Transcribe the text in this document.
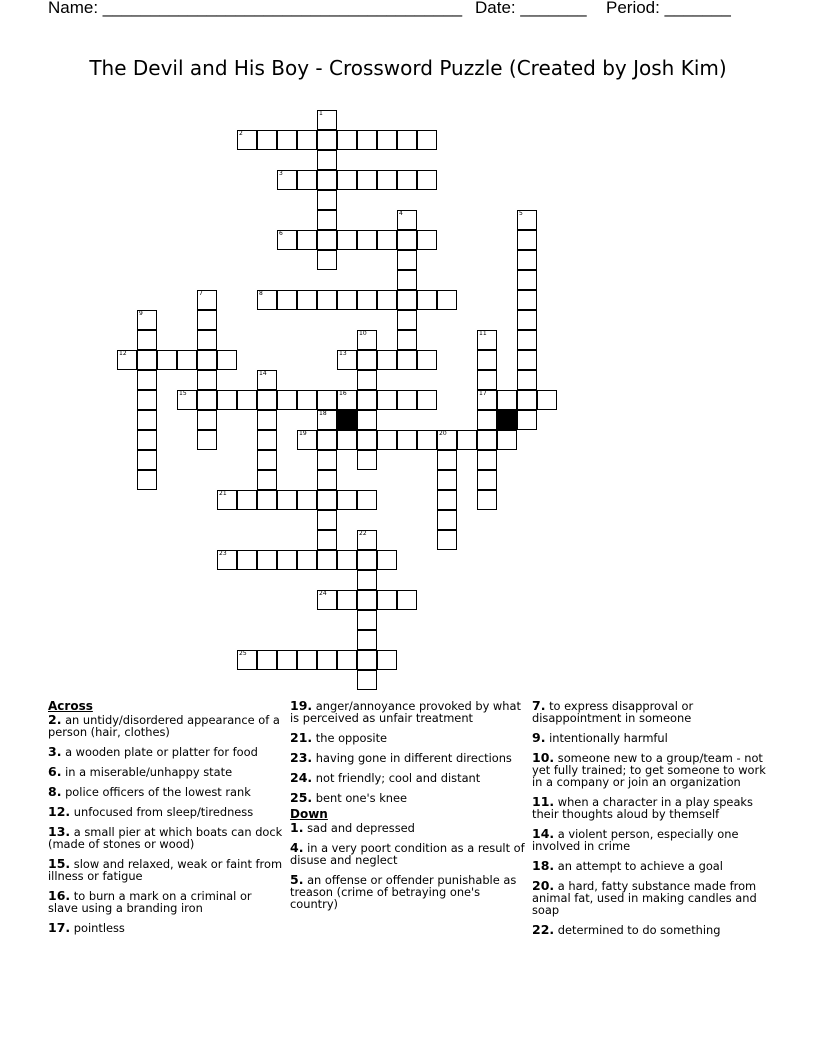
Name: ______________________________________ Date: _______ Period: _______
The Devil and His Boy - Crossword Puzzle (Created by Josh Kim)
1
2
3
4	5
6
7	8
9
10	11
17
12	13
14
15	16
18
19	20
21
22
23
24
25
Across
2. an untidy/disordered appearance of a person (hair, clothes)
3. a wooden plate or platter for food
6. in a miserable/unhappy state
8. police officers of the lowest rank
12. unfocused from sleep/tiredness
13. a small pier at which boats can dock (made of stones or wood)
15. slow and relaxed, weak or faint from illness or fatigue
16. to burn a mark on a criminal or slave using a branding iron
17. pointless
19. anger/annoyance provoked by what is perceived as unfair treatment
21. the opposite
23. having gone in different directions
24. not friendly; cool and distant
25. bent one's knee
Down
1. sad and depressed
4. in a very poort condition as a result of disuse and neglect
5. an offense or offender punishable as treason (crime of betraying one's country)
7. to express disapproval or disappointment in someone
9. intentionally harmful
10. someone new to a group/team - not yet fully trained; to get someone to work in a company or join an organization
11. when a character in a play speaks their thoughts aloud by themself
14. a violent person, especially one involved in crime
18. an attempt to achieve a goal
20. a hard, fatty substance made from animal fat, used in making candles and soap
22. determined to do something
